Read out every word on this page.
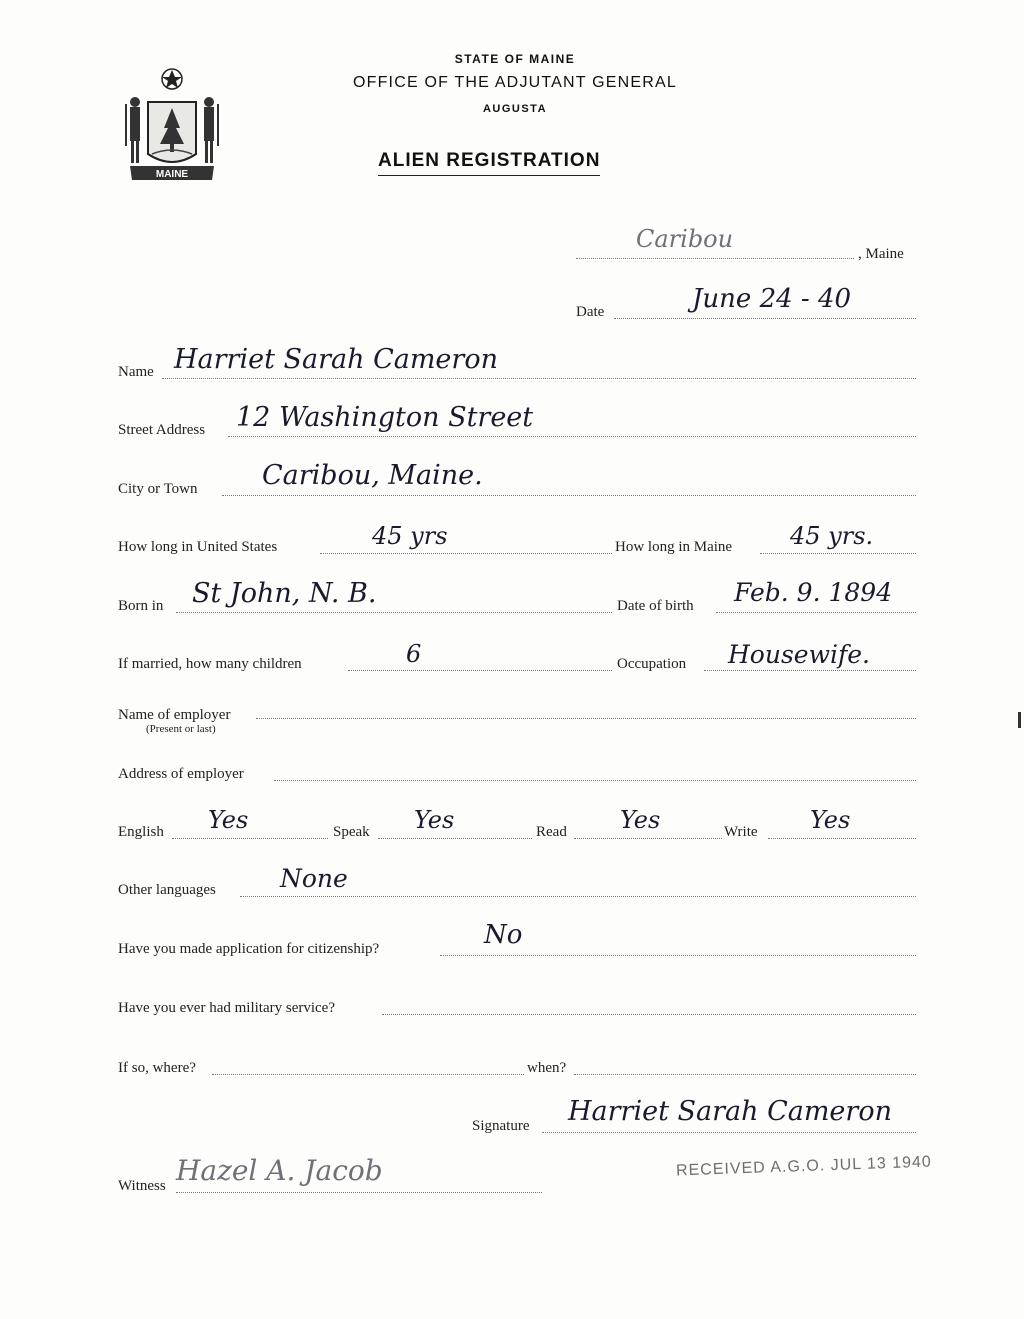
MAINE
STATE OF MAINE
OFFICE OF THE ADJUTANT GENERAL
AUGUSTA
ALIEN REGISTRATION
Caribou
, Maine
Date	June 24 - 40
Name Harriet Sarah Cameron
Street Address 12 Washington Street
City or Town Caribou, Maine.
How long in United States	45 yrs	How long in Maine 45 yrs.
Born in St John, N. B.	Date of birth Feb. 9. 1894
If married, how many children	6	Occupation Housewife.
Name of employer
(Present or last)
Address of employer
English Yes	Speak Yes	Read Yes	Write Yes
Other languages	None
Have you made application for citizenship?	No
Have you ever had military service?
If so, where?	when?
Signature Harriet Sarah Cameron
Witness Hazel A. Jacob	RECEIVED A.G.O. JUL 13 1940
